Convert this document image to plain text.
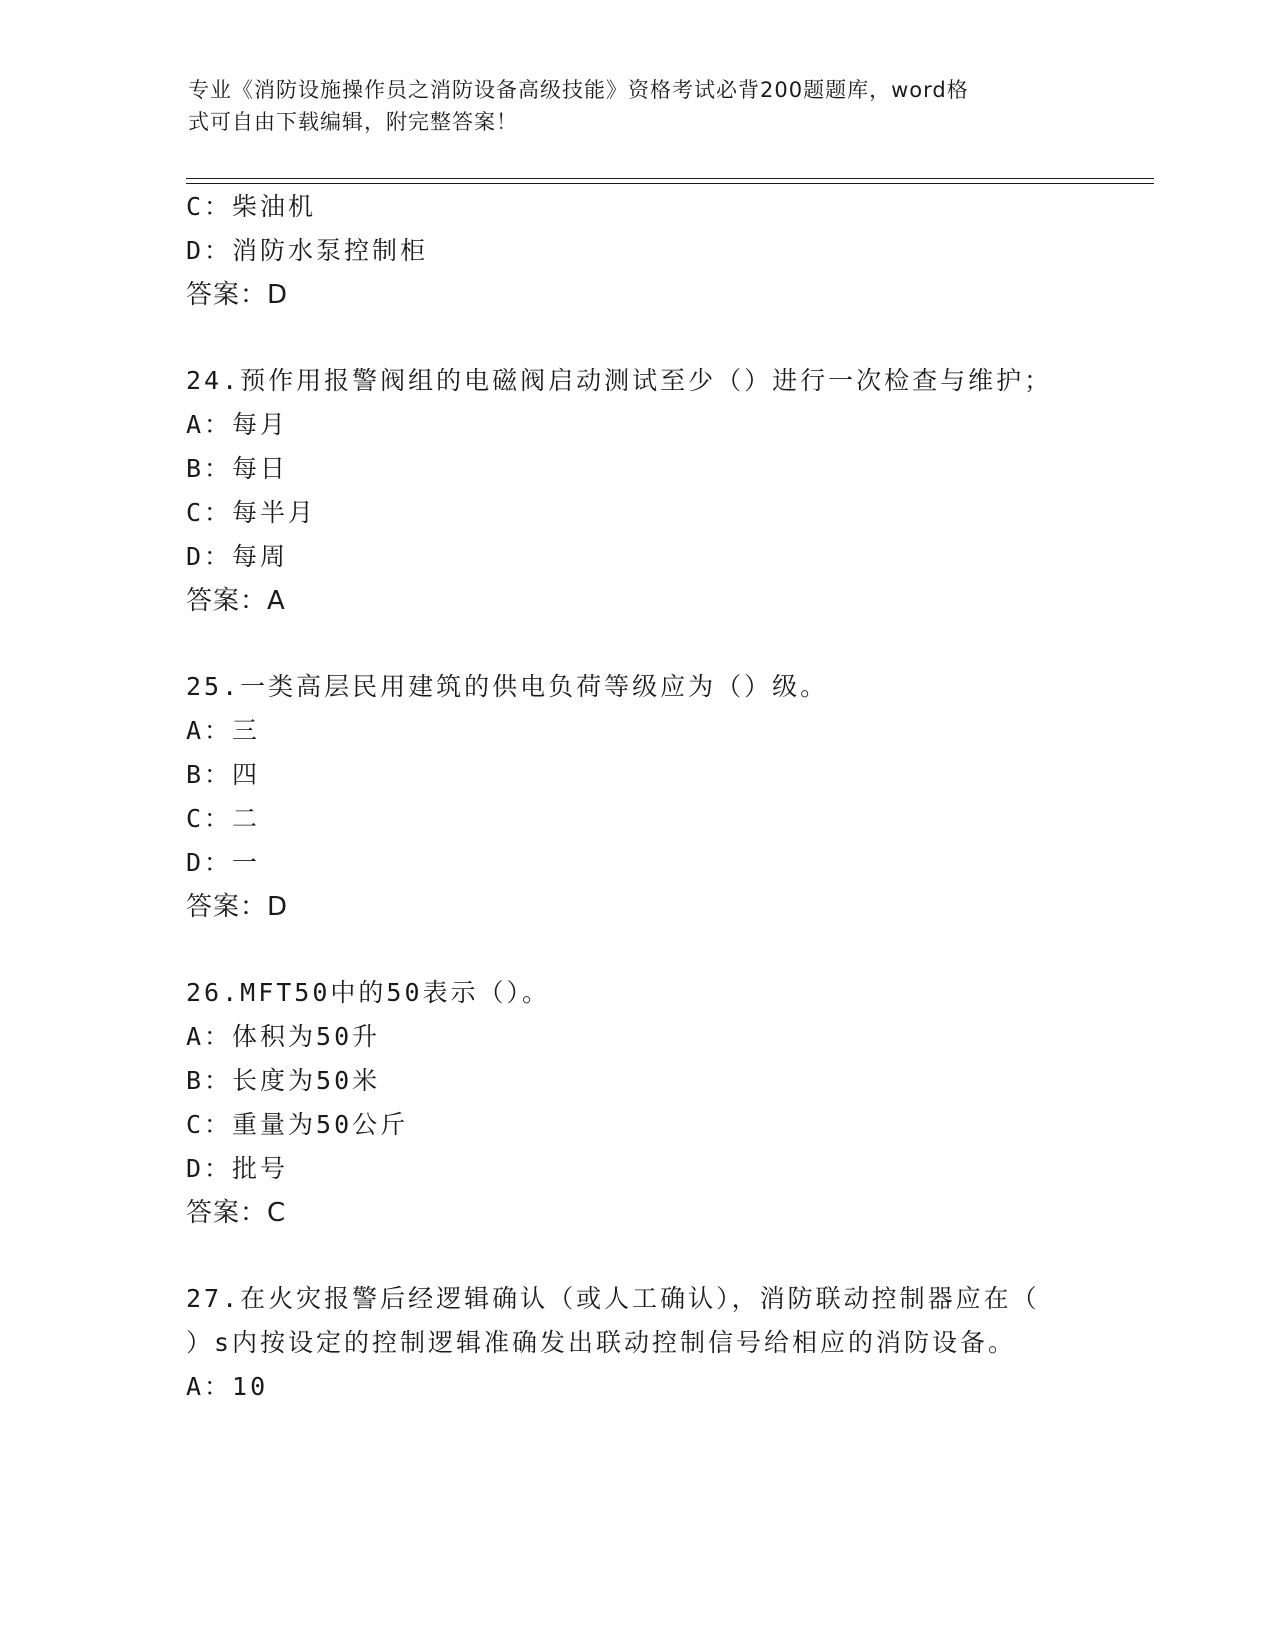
专业《消防设施操作员之消防设备高级技能》资格考试必背200题题库，word格
式可自由下载编辑，附完整答案！
C：柴油机
D：消防水泵控制柜
答案：D
24.预作用报警阀组的电磁阀启动测试至少（）进行一次检查与维护；
A：每月
B：每日
C：每半月
D：每周
答案：A
25.一类高层民用建筑的供电负荷等级应为（）级。
A：三
B：四
C：二
D：一
答案：D
26.MFT50中的50表示（）。
A：体积为50升
B：长度为50米
C：重量为50公斤
D：批号
答案：C
27.在火灾报警后经逻辑确认（或人工确认），消防联动控制器应在（
）s内按设定的控制逻辑准确发出联动控制信号给相应的消防设备。
A：10
